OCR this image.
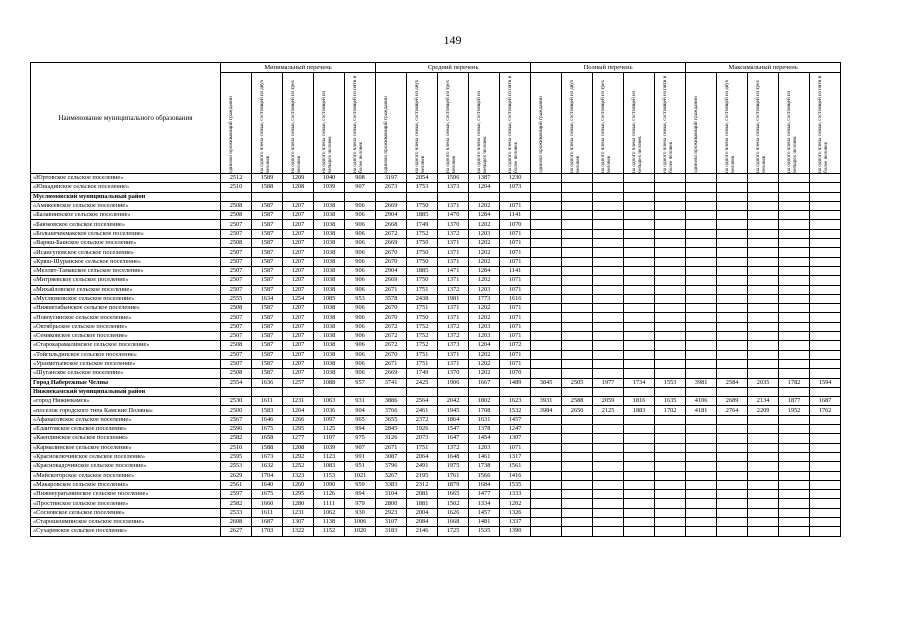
149
Наименование муниципального образования	Минимальный перечень					Средний перечень					Полный перечень					Максимальный перечень				

	одиноко проживающий гражданин	на одного члена семьи, состоящей из двух человек	на одного члена семьи, состоящей из трех человек	на одного члена семьи, состоящей из четырех человек	на одного члена семьи, состоящей из пяти и более человек	одиноко проживающий гражданин	на одного члена семьи, состоящей из двух человек	на одного члена семьи, состоящей из трех человек	на одного члена семьи, состоящей из четырех человек	на одного члена семьи, состоящей из пяти и более человек	одиноко проживающий гражданин	на одного члена семьи, состоящей из двух человек	на одного члена семьи, состоящей из трех человек	на одного члена семьи, состоящей из четырех человек	на одного члена семьи, состоящей из пяти и более человек	одиноко проживающий гражданин	на одного члена семьи, состоящей из двух человек	на одного члена семьи, состоящей из трех человек	на одного члена семьи, состоящей из четырех человек	на одного члена семьи, состоящей из пяти и более человек

«Юртовское сельское поселение»	2512	1589	1209	1040	908	3197	2054	1596	1387	1230										
«Юшадинское сельское поселение»	2510	1588	1208	1039	907	2673	1753	1373	1204	1073										
Муслюмовский муниципальный район																				
«Амикеевское сельское поселение»	2508	1587	1207	1038	906	2669	1750	1371	1202	1071										
«Балавнинское сельское поселение»	2508	1587	1207	1038	906	2904	1885	1470	1284	1141										
«Баюковское сельское поселение»	2507	1587	1207	1038	906	2668	1749	1370	1202	1070										
«Большечекмакское сельское поселение»	2507	1587	1207	1038	906	2672	1752	1372	1203	1071										
«Варяш-Башское сельское поселение»	2508	1587	1207	1038	906	2669	1750	1371	1202	1071										
«Исансуповское сельское поселение»	2507	1587	1207	1038	906	2670	1750	1371	1202	1071										
«Кряш-Шуранское сельское поселение»	2507	1587	1207	1038	906	2670	1750	1371	1202	1071										
«Меллят-Тамакское сельское поселение»	2507	1587	1207	1038	906	2904	1885	1471	1284	1141										
«Митряевское сельское поселение»	2507	1587	1207	1038	906	2669	1750	1371	1202	1071										
«Михайловское сельское поселение»	2507	1587	1207	1038	906	2671	1751	1372	1203	1071										
«Муслюмовское сельское поселение»	2555	1634	1254	1085	953	3578	2438	1981	1773	1616										
«Нижнетабынское сельское поселение»	2508	1587	1207	1038	906	2670	1751	1371	1202	1071										
«Новоусинское сельское поселение»	2507	1587	1207	1038	906	2670	1750	1371	1202	1071										
«Октябрьское сельское поселение»	2507	1587	1207	1038	906	2672	1752	1372	1203	1071										
«Семяковское сельское поселение»	2507	1587	1207	1038	906	2672	1752	1372	1203	1071										
«Старокарамалинское сельское поселение»	2508	1587	1207	1038	906	2672	1752	1373	1204	1072										
«Тойгильдинское сельское поселение»	2507	1587	1207	1038	906	2670	1751	1371	1202	1071										
«Уразметьевское сельское поселение»	2507	1587	1207	1038	906	2671	1751	1371	1202	1071										
«Шуганское сельское поселение»	2508	1587	1207	1038	906	2669	1749	1370	1202	1070										
Город Набережные Челны	2554	1636	1257	1088	957	3741	2425	1906	1667	1489	3845	2505	1977	1734	1553	3981	2584	2035	1782	1594
Нижнекамский муниципальный район																				
«город Нижнекамск»	2530	1611	1231	1063	931	3886	2564	2042	1802	1623	3931	2588	2059	1816	1635	4106	2689	2134	1877	1687
«поселок городского типа Камские Поляны»	2500	1583	1204	1036	904	3766	2461	1945	1708	1532	3984	2650	2125	1883	1702	4181	2764	2209	1952	1762
«Афанасовское сельское поселение»	2567	1646	1266	1097	965	3655	2372	1864	1631	1457										
«Елантовское сельское поселение»	2596	1675	1295	1125	994	2845	1926	1547	1378	1247										
«Каенлинское сельское поселение»	2582	1658	1277	1107	975	3126	2073	1647	1454	1307										
«Кармалинское сельское поселение»	2510	1588	1208	1039	907	2671	1751	1372	1203	1071										
«Красноключинское сельское поселение»	2595	1673	1292	1123	991	3087	2064	1648	1461	1317										
«Краснокадочинское сельское поселение»	2553	1632	1252	1083	951	3796	2491	1975	1738	1561										
«Майскогорское сельское поселение»	2629	1704	1323	1153	1021	3267	2195	1761	1566	1416										
«Макаровское сельское поселение»	2561	1640	1260	1090	959	3383	2312	1879	1684	1535										
«Нижнеуратьминское сельское поселение»	2597	1675	1295	1126	994	3104	2081	1665	1477	1333										
«Простинское сельское поселение»	2582	1660	1280	1111	979	2800	1881	1502	1334	1202										
«Сосновское сельское поселение»	2533	1611	1231	1062	930	2923	2004	1626	1457	1326										
«Старошешминское сельское поселение»	2608	1687	1307	1138	1006	3107	2084	1668	1481	1337										
«Сухаревское сельское поселение»	2627	1703	1322	1152	1020	3183	2146	1725	1535	1390										
